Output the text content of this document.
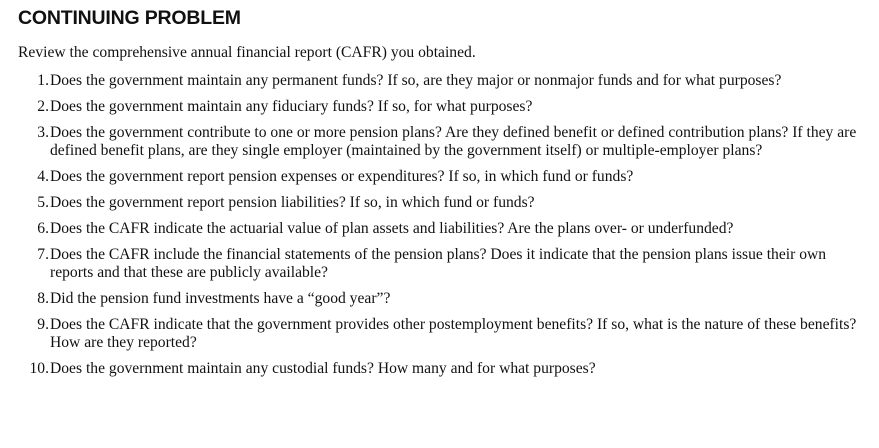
CONTINUING PROBLEM

Review the comprehensive annual financial report (CAFR) you obtained.

1. Does the government maintain any permanent funds? If so, are they major or nonmajor funds and for what purposes?
2. Does the government maintain any fiduciary funds? If so, for what purposes?
3. Does the government contribute to one or more pension plans? Are they defined benefit or defined contribution plans? If they are defined benefit plans, are they single employer (maintained by the government itself) or multiple-employer plans?
4. Does the government report pension expenses or expenditures? If so, in which fund or funds?
5. Does the government report pension liabilities? If so, in which fund or funds?
6. Does the CAFR indicate the actuarial value of plan assets and liabilities? Are the plans over- or underfunded?
7. Does the CAFR include the financial statements of the pension plans? Does it indicate that the pension plans issue their own reports and that these are publicly available?
8. Did the pension fund investments have a “good year”?
9. Does the CAFR indicate that the government provides other postemployment benefits? If so, what is the nature of these benefits? How are they reported?
10. Does the government maintain any custodial funds? How many and for what purposes?
